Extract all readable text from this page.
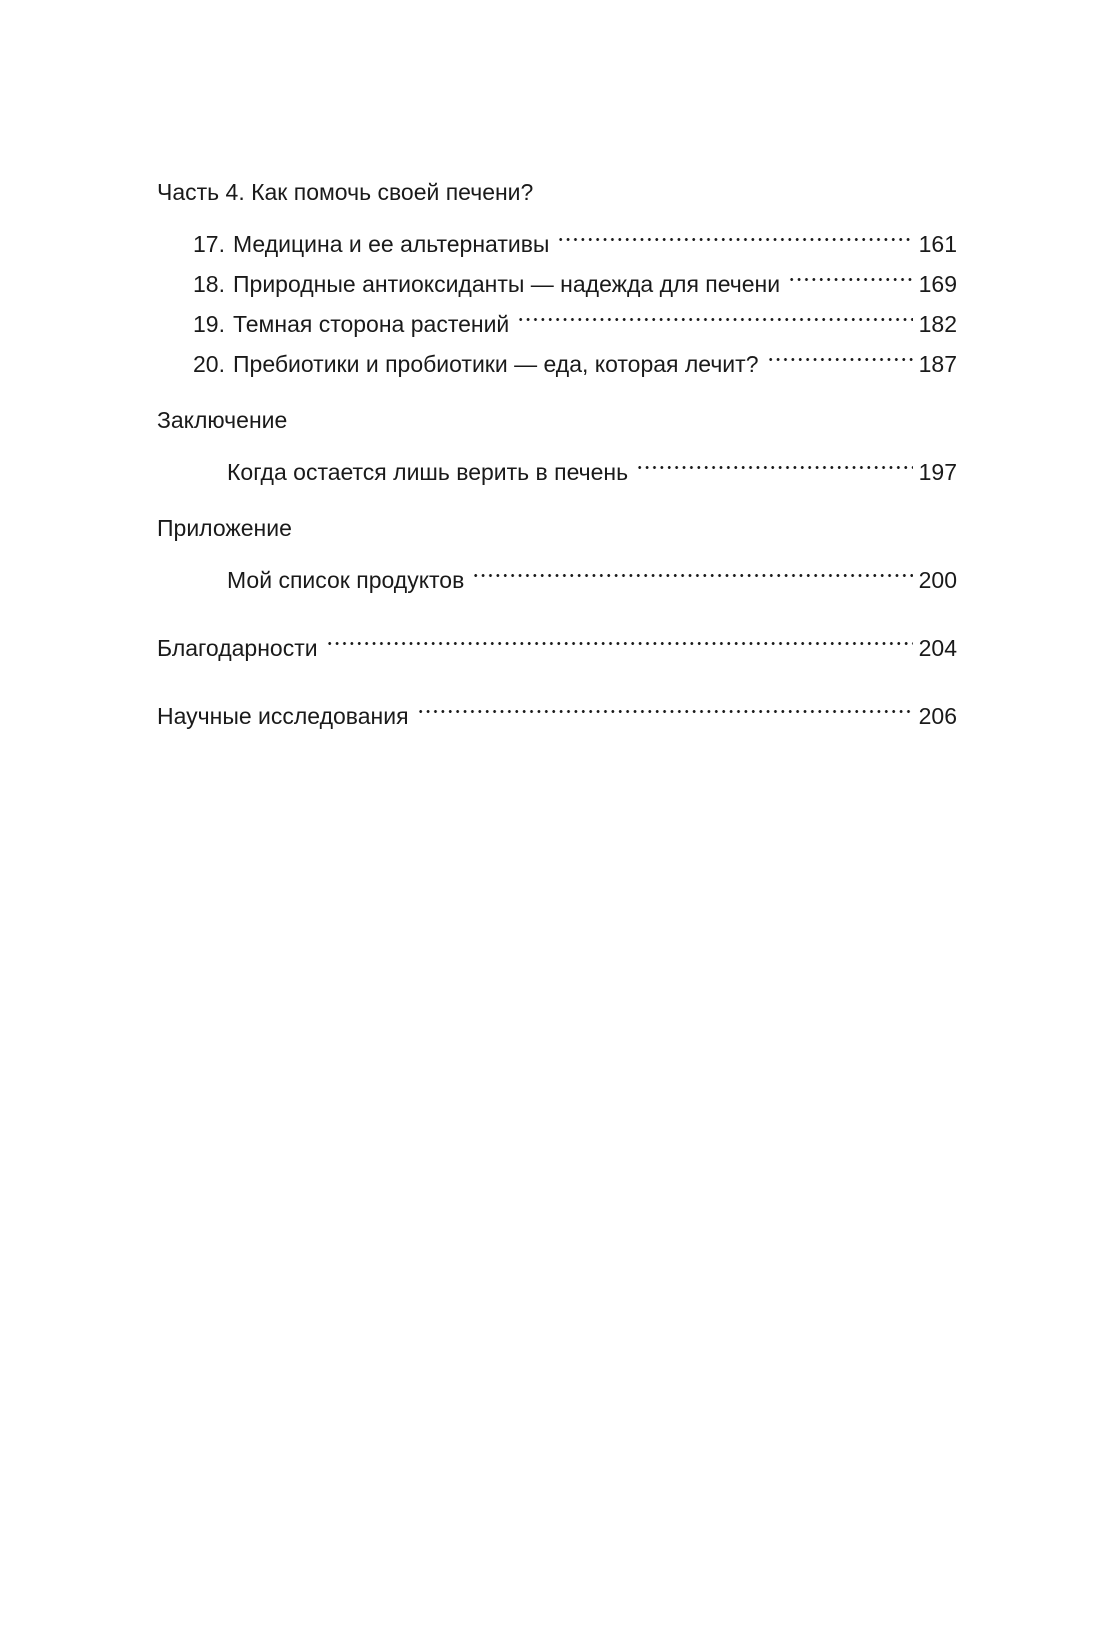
Часть 4. Как помочь своей печени?
17. Медицина и ее альтернативы	161
18. Природные антиоксиданты — надежда для печени	169
19. Темная сторона растений	182
20. Пребиотики и пробиотики — еда, которая лечит?	187
Заключение
Когда остается лишь верить в печень	197
Приложение
Мой список продуктов	200
Благодарности	204
Научные исследования	206
